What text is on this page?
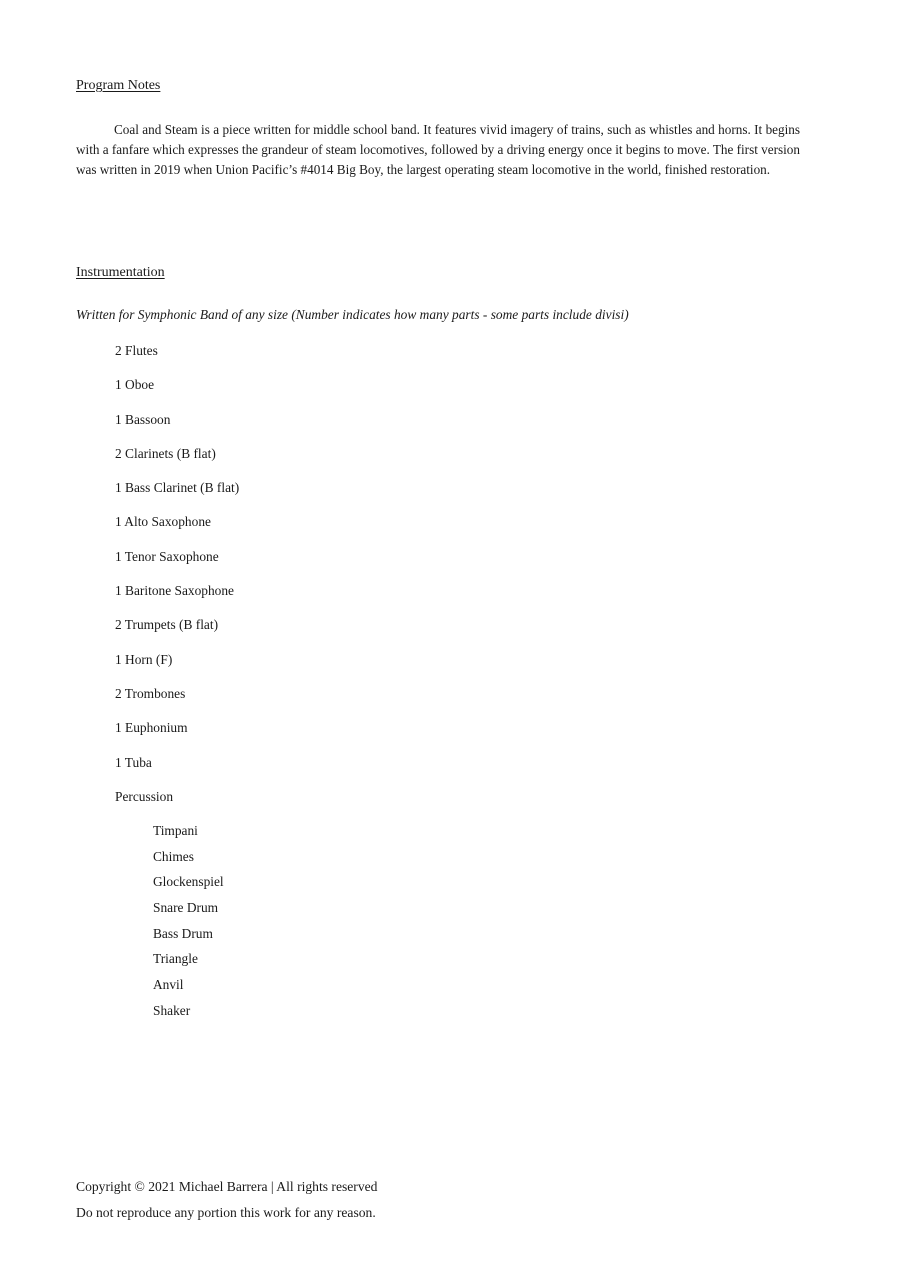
Program Notes

Coal and Steam is a piece written for middle school band. It features vivid imagery of trains, such as whistles and horns. It begins with a fanfare which expresses the grandeur of steam locomotives, followed by a driving energy once it begins to move. The first version was written in 2019 when Union Pacific’s #4014 Big Boy, the largest operating steam locomotive in the world, finished restoration.

Instrumentation

Written for Symphonic Band of any size (Number indicates how many parts - some parts include divisi)

2 Flutes
1 Oboe
1 Bassoon
2 Clarinets (B flat)
1 Bass Clarinet (B flat)
1 Alto Saxophone
1 Tenor Saxophone
1 Baritone Saxophone
2 Trumpets (B flat)
1 Horn (F)
2 Trombones
1 Euphonium
1 Tuba
Percussion
Timpani
Chimes
Glockenspiel
Snare Drum
Bass Drum
Triangle
Anvil
Shaker

Copyright © 2021 Michael Barrera | All rights reserved

Do not reproduce any portion this work for any reason.
